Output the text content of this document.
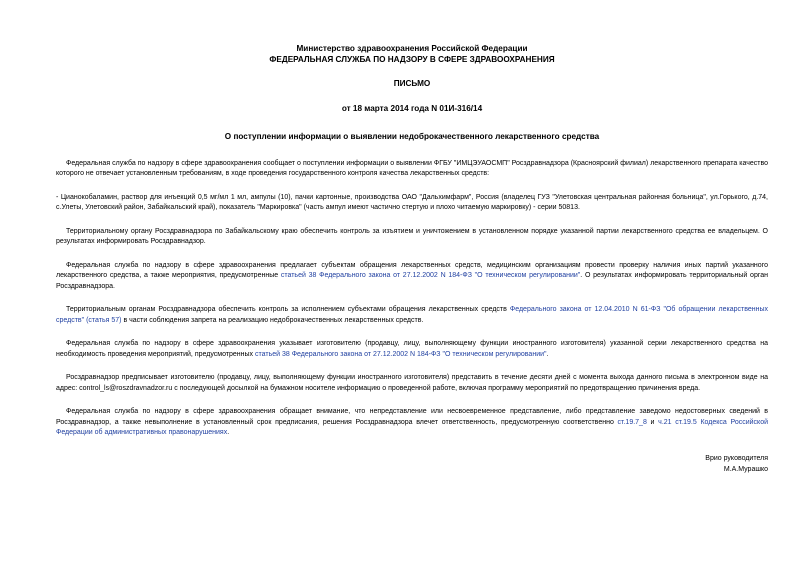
Министерство здравоохранения Российской Федерации
ФЕДЕРАЛЬНАЯ СЛУЖБА ПО НАДЗОРУ В СФЕРЕ ЗДРАВООХРАНЕНИЯ
ПИСЬМО
от 18 марта 2014 года N 01И-316/14
О поступлении информации о выявлении недоброкачественного лекарственного средства

Федеральная служба по надзору в сфере здравоохранения сообщает о поступлении информации о выявлении ФГБУ "ИМЦЭУАОСМП" Росздравнадзора (Красноярский филиал) лекарственного препарата качество которого не отвечает установленным требованиям, в ходе проведения государственного контроля качества лекарственных средств:

- Цианокобаламин, раствор для инъекций 0,5 мг/мл 1 мл, ампулы (10), пачки картонные, производства ОАО "Дальхимфарм", Россия (владелец ГУЗ "Улетовская центральная районная больница", ул.Горького, д.74, с.Улеты, Улетовский район, Забайкальский край), показатель "Маркировка" (часть ампул имеют частично стертую и плохо читаемую маркировку) - серии 50813.

Территориальному органу Росздравнадзора по Забайкальскому краю обеспечить контроль за изъятием и уничтожением в установленном порядке указанной партии лекарственного средства ее владельцем. О результатах информировать Росздравнадзор.

Федеральная служба по надзору в сфере здравоохранения предлагает субъектам обращения лекарственных средств, медицинским организациям провести проверку наличия иных партий указанного лекарственного средства, а также мероприятия, предусмотренные статьей 38 Федерального закона от 27.12.2002 N 184-ФЗ "О техническом регулировании". О результатах информировать территориальный орган Росздравнадзора.

Территориальным органам Росздравнадзора обеспечить контроль за исполнением субъектами обращения лекарственных средств Федерального закона от 12.04.2010 N 61-ФЗ "Об обращении лекарственных средств" (статья 57) в части соблюдения запрета на реализацию недоброкачественных лекарственных средств.

Федеральная служба по надзору в сфере здравоохранения указывает изготовителю (продавцу, лицу, выполняющему функции иностранного изготовителя) указанной серии лекарственного средства на необходимость проведения мероприятий, предусмотренных статьей 38 Федерального закона от 27.12.2002 N 184-ФЗ "О техническом регулировании".

Росздравнадзор предписывает изготовителю (продавцу, лицу, выполняющему функции иностранного изготовителя) представить в течение десяти дней с момента выхода данного письма в электронном виде на адрес: control_ls@roszdravnadzor.ru с последующей досылкой на бумажном носителе информацию о проведенной работе, включая программу мероприятий по предотвращению причинения вреда.

Федеральная служба по надзору в сфере здравоохранения обращает внимание, что непредставление или несвоевременное представление, либо представление заведомо недостоверных сведений в Росздравнадзор, а также невыполнение в установленный срок предписания, решения Росздравнадзора влечет ответственность, предусмотренную соответственно ст.19.7_8 и ч.21 ст.19.5 Кодекса Российской Федерации об административных правонарушениях.

Врио руководителя
М.А.Мурашко
